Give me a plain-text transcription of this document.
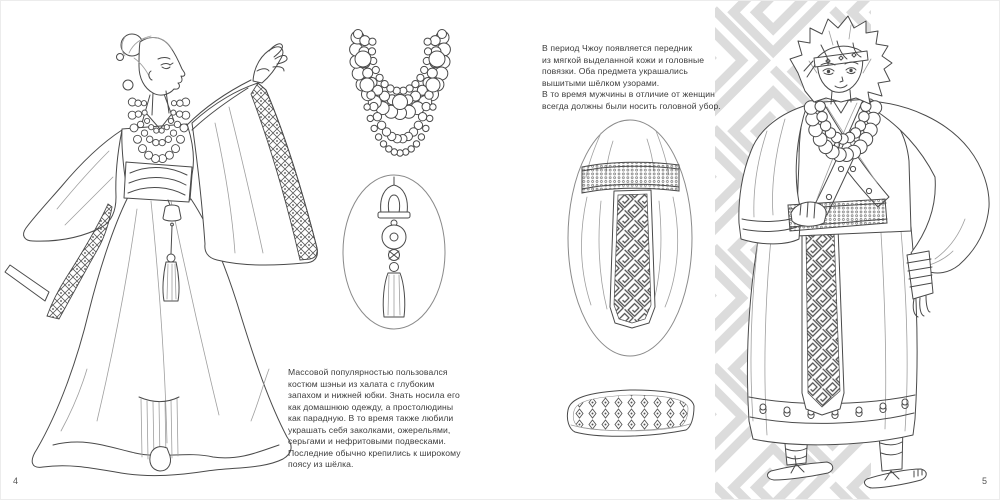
Массовой популярностью пользовался
костюм шэньи из халата с глубоким
запахом и нижней юбки. Знать носила его
как домашнюю одежду, а простолюдины
как парадную. В то время также любили
украшать себя заколками, ожерельями,
серьгами и нефритовыми подвесками.
Последние обычно крепились к широкому
поясу из шёлка.
В период Чжоу появляется передник
из мягкой выделанной кожи и головные
повязки. Оба предмета украшались
вышитыми шёлком узорами.
В то время мужчины в отличие от женщин
всегда должны были носить головной убор.
4	5
